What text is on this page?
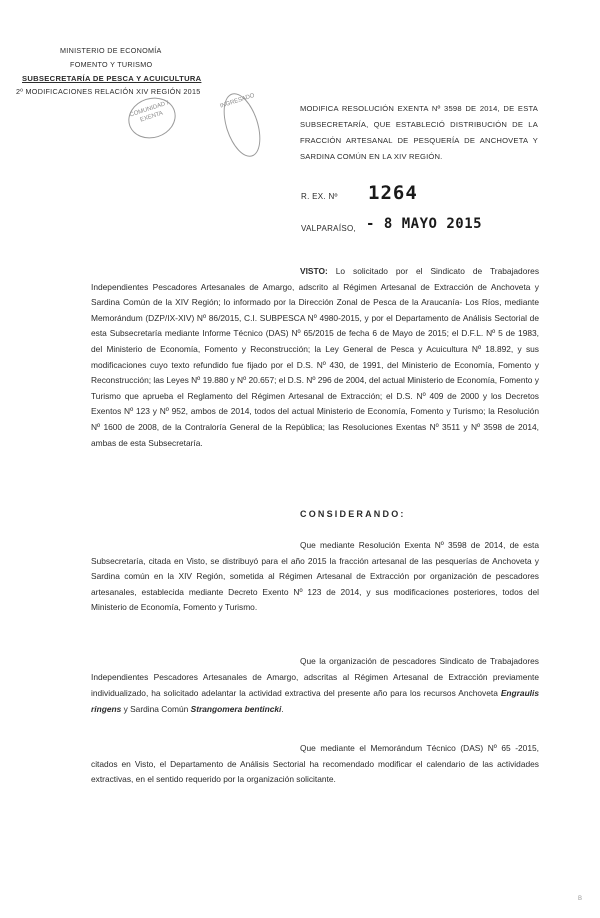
MINISTERIO DE ECONOMÍA
FOMENTO Y TURISMO
SUBSECRETARÍA DE PESCA Y ACUICULTURA
2º MODIFICACIONES RELACIÓN XIV REGIÓN 2015
COMUNIDAD / EXENTA
INGRESADO	MODIFICA RESOLUCIÓN EXENTA Nº 3598 DE 2014, DE ESTA SUBSECRETARÍA, QUE ESTABLECIÓ DISTRIBUCIÓN DE LA FRACCIÓN ARTESANAL DE PESQUERÍA DE ANCHOVETA Y SARDINA COMÚN EN LA XIV REGIÓN.
R. EX. Nº 1264
VALPARAÍSO, - 8 MAYO 2015
VISTO: Lo solicitado por el Sindicato de Trabajadores Independientes Pescadores Artesanales de Amargo, adscrito al Régimen Artesanal de Extracción de Anchoveta y Sardina Común de la XIV Región; lo informado por la Dirección Zonal de Pesca de la Araucanía- Los Ríos, mediante Memorándum (DZP/IX-XIV) Nº 86/2015, C.I. SUBPESCA Nº 4980-2015, y por el Departamento de Análisis Sectorial de esta Subsecretaría mediante Informe Técnico (DAS) Nº 65/2015 de fecha 6 de Mayo de 2015; el D.F.L. Nº 5 de 1983, del Ministerio de Economía, Fomento y Reconstrucción; la Ley General de Pesca y Acuicultura Nº 18.892, y sus modificaciones cuyo texto refundido fue fijado por el D.S. Nº 430, de 1991, del Ministerio de Economía, Fomento y Reconstrucción; las Leyes Nº 19.880 y Nº 20.657; el D.S. Nº 296 de 2004, del actual Ministerio de Economía, Fomento y Turismo que aprueba el Reglamento del Régimen Artesanal de Extracción; el D.S. Nº 409 de 2000 y los Decretos Exentos Nº 123 y Nº 952, ambos de 2014, todos del actual Ministerio de Economía, Fomento y Turismo; la Resolución Nº 1600 de 2008, de la Contraloría General de la República; las Resoluciones Exentas Nº 3511 y Nº 3598 de 2014, ambas de esta Subsecretaría.
CONSIDERANDO:
Que mediante Resolución Exenta Nº 3598 de 2014, de esta Subsecretaría, citada en Visto, se distribuyó para el año 2015 la fracción artesanal de las pesquerías de Anchoveta y Sardina común en la XIV Región, sometida al Régimen Artesanal de Extracción por organización de pescadores artesanales, establecida mediante Decreto Exento Nº 123 de 2014, y sus modificaciones posteriores, todos del Ministerio de Economía, Fomento y Turismo.
Que la organización de pescadores Sindicato de Trabajadores Independientes Pescadores Artesanales de Amargo, adscritas al Régimen Artesanal de Extracción previamente individualizado, ha solicitado adelantar la actividad extractiva del presente año para los recursos Anchoveta Engraulis ringens y Sardina Común Strangomera bentincki.
Que mediante el Memorándum Técnico (DAS) Nº 65 -2015, citados en Visto, el Departamento de Análisis Sectorial ha recomendado modificar el calendario de las actividades extractivas, en el sentido requerido por la organización solicitante.
B
